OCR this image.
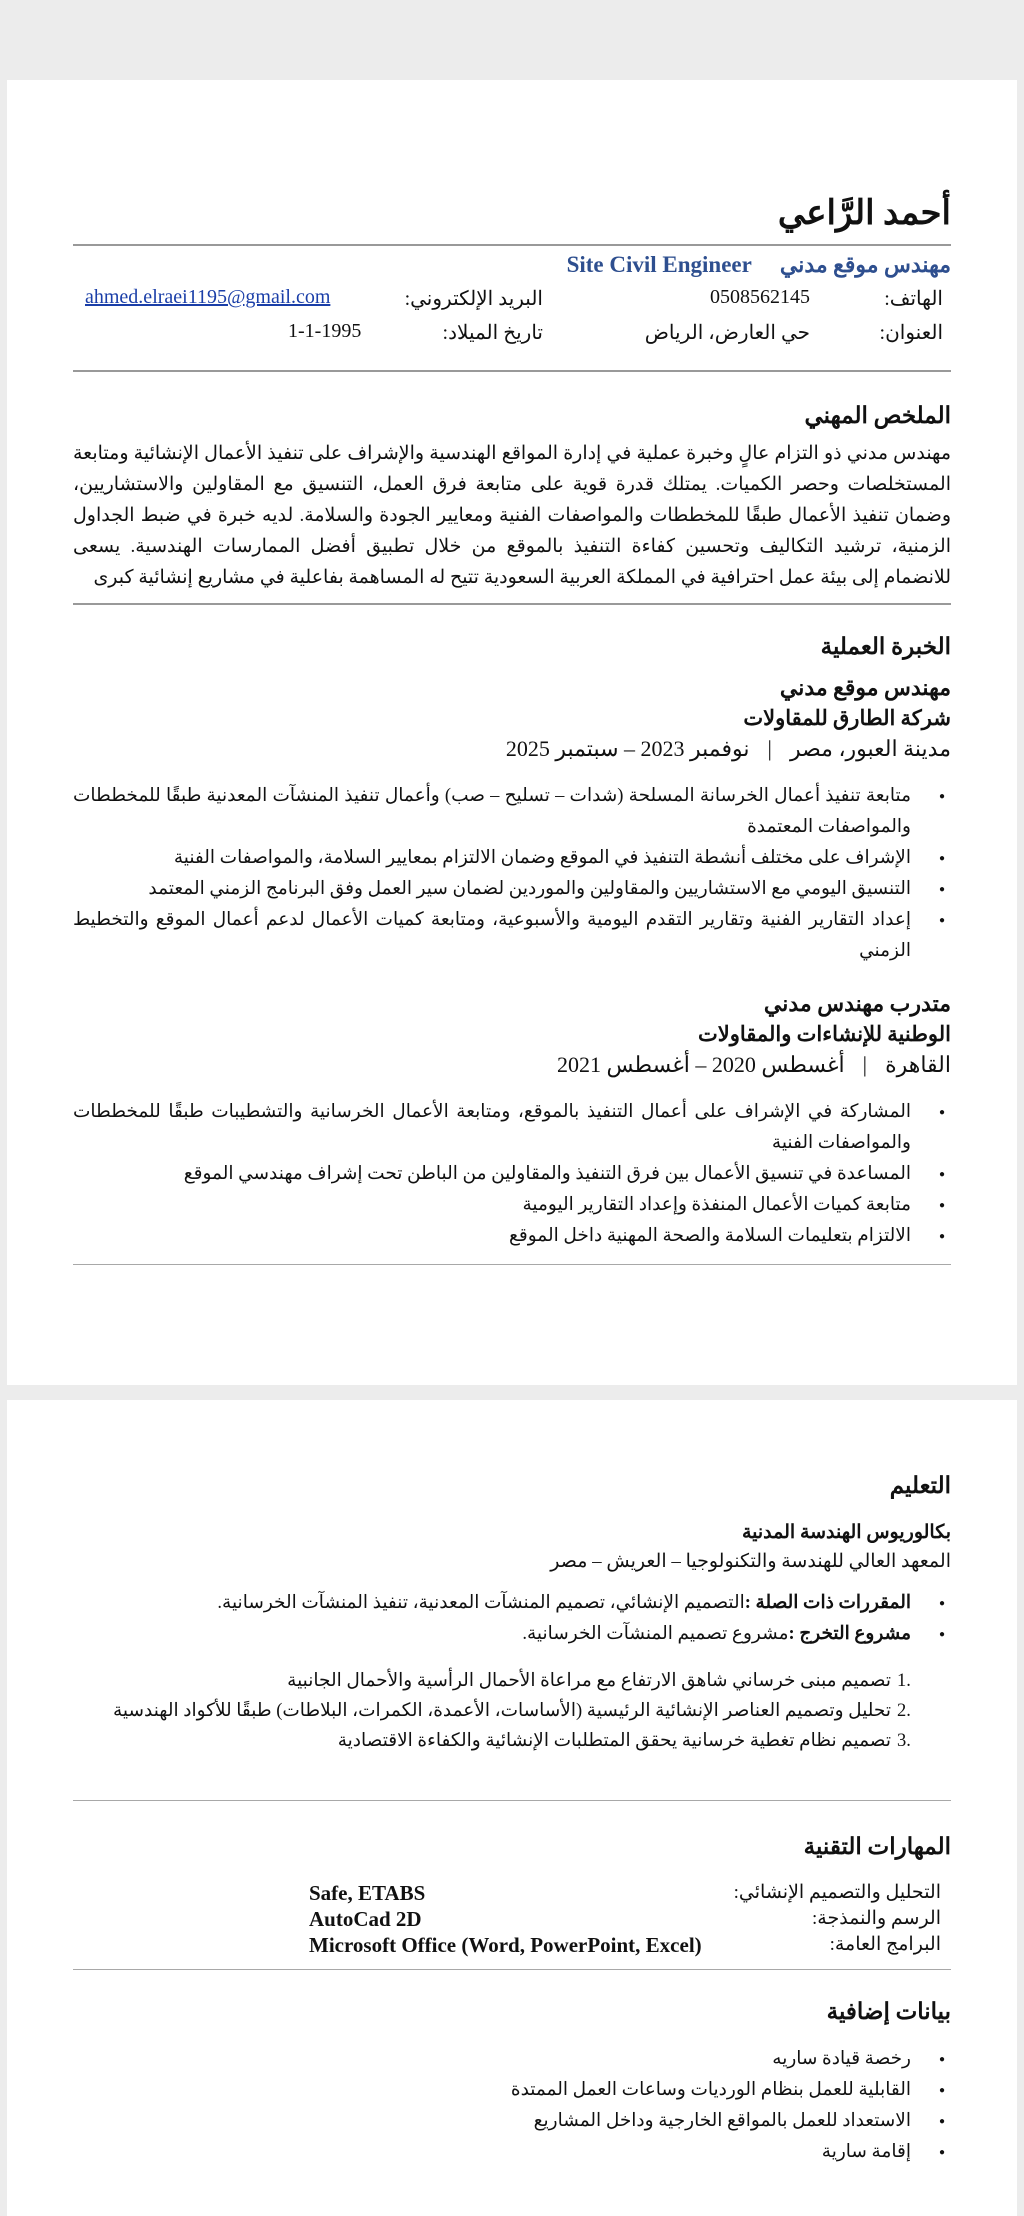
أحمد الرَّاعي
مهندس موقع مدني
Site Civil Engineer
الهاتف:
0508562145
البريد الإلكتروني:
ahmed.elraei1195@gmail.com
العنوان:
حي العارض، الرياض
تاريخ الميلاد:
1-1-1995
الملخص المهني

مهندس مدني ذو التزام عالٍ وخبرة عملية في إدارة المواقع الهندسية والإشراف على تنفيذ الأعمال الإنشائية ومتابعة المستخلصات وحصر الكميات. يمتلك قدرة قوية على متابعة فرق العمل، التنسيق مع المقاولين والاستشاريين، وضمان تنفيذ الأعمال طبقًا للمخططات والمواصفات الفنية ومعايير الجودة والسلامة. لديه خبرة في ضبط الجداول الزمنية، ترشيد التكاليف وتحسين كفاءة التنفيذ بالموقع من خلال تطبيق أفضل الممارسات الهندسية. يسعى للانضمام إلى بيئة عمل احترافية في المملكة العربية السعودية تتيح له المساهمة بفاعلية في مشاريع إنشائية كبرى

الخبرة العملية

مهندس موقع مدني

شركة الطارق للمقاولات

مدينة العبور، مصر|نوفمبر 2023 – سبتمبر 2025

● متابعة تنفيذ أعمال الخرسانة المسلحة (شدات – تسليح – صب) وأعمال تنفيذ المنشآت المعدنية طبقًا للمخططات والمواصفات المعتمدة
● الإشراف على مختلف أنشطة التنفيذ في الموقع وضمان الالتزام بمعايير السلامة، والمواصفات الفنية
● التنسيق اليومي مع الاستشاريين والمقاولين والموردين لضمان سير العمل وفق البرنامج الزمني المعتمد
● إعداد التقارير الفنية وتقارير التقدم اليومية والأسبوعية، ومتابعة كميات الأعمال لدعم أعمال الموقع والتخطيط الزمني

متدرب مهندس مدني

الوطنية للإنشاءات والمقاولات

القاهرة|أغسطس 2020 – أغسطس 2021

● المشاركة في الإشراف على أعمال التنفيذ بالموقع، ومتابعة الأعمال الخرسانية والتشطيبات طبقًا للمخططات والمواصفات الفنية
● المساعدة في تنسيق الأعمال بين فرق التنفيذ والمقاولين من الباطن تحت إشراف مهندسي الموقع
● متابعة كميات الأعمال المنفذة وإعداد التقارير اليومية
● الالتزام بتعليمات السلامة والصحة المهنية داخل الموقع
التعليم

بكالوريوس الهندسة المدنية

المعهد العالي للهندسة والتكنولوجيا – العريش – مصر

● المقررات ذات الصلة :التصميم الإنشائي، تصميم المنشآت المعدنية، تنفيذ المنشآت الخرسانية.
● مشروع التخرج :مشروع تصميم المنشآت الخرسانية.
1.
تصميم مبنى خرساني شاهق الارتفاع مع مراعاة الأحمال الرأسية والأحمال الجانبية
2.
تحليل وتصميم العناصر الإنشائية الرئيسية (الأساسات، الأعمدة، الكمرات، البلاطات) طبقًا للأكواد الهندسية
3.
تصميم نظام تغطية خرسانية يحقق المتطلبات الإنشائية والكفاءة الاقتصادية
المهارات التقنية
التحليل والتصميم الإنشائي:
Safe, ETABS
الرسم والنمذجة:
AutoCad 2D
البرامج العامة:
Microsoft Office (Word, PowerPoint, Excel)
بيانات إضافية
● رخصة قيادة ساريه
● القابلية للعمل بنظام الورديات وساعات العمل الممتدة
● الاستعداد للعمل بالمواقع الخارجية وداخل المشاريع
● إقامة سارية
